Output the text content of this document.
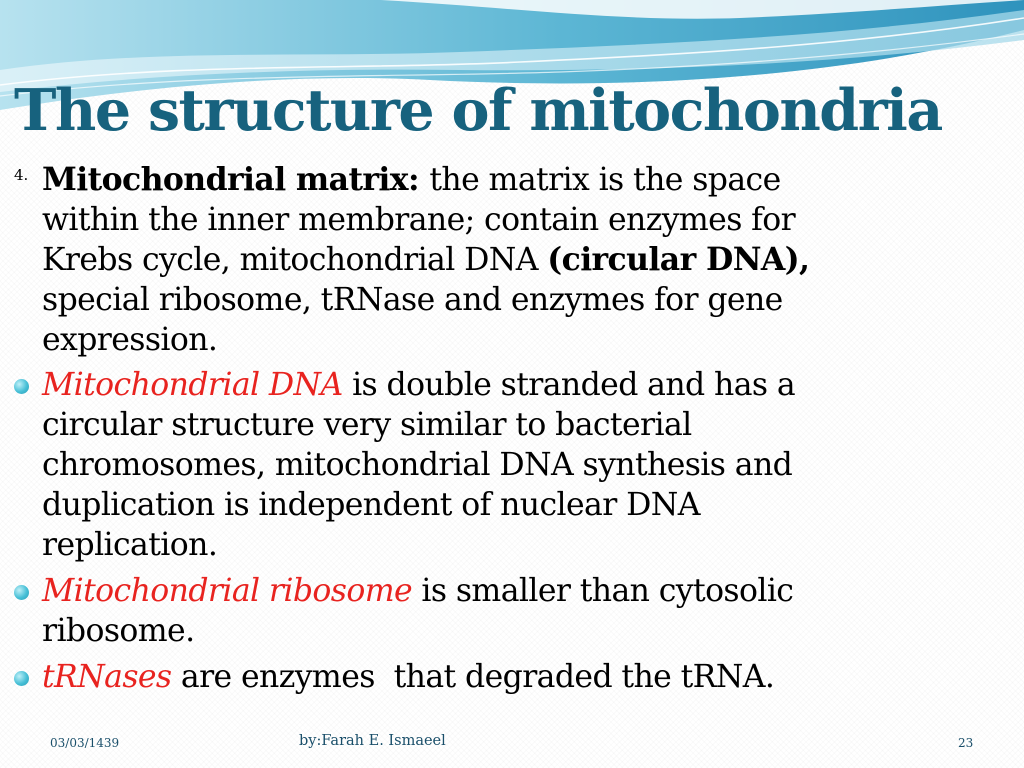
The structure of mitochondria
4. Mitochondrial matrix: the matrix is the space

within the inner membrane; contain enzymes for

Krebs cycle, mitochondrial DNA (circular DNA),

special ribosome, tRNase and enzymes for gene

expression.

Mitochondrial DNA is double stranded and has a

circular structure very similar to bacterial

chromosomes, mitochondrial DNA synthesis and

duplication is independent of nuclear DNA

replication.

Mitochondrial ribosome is smaller than cytosolic

ribosome.

tRNases are enzymes  that degraded the tRNA.

03/03/1439	by:Farah E. Ismaeel	23
